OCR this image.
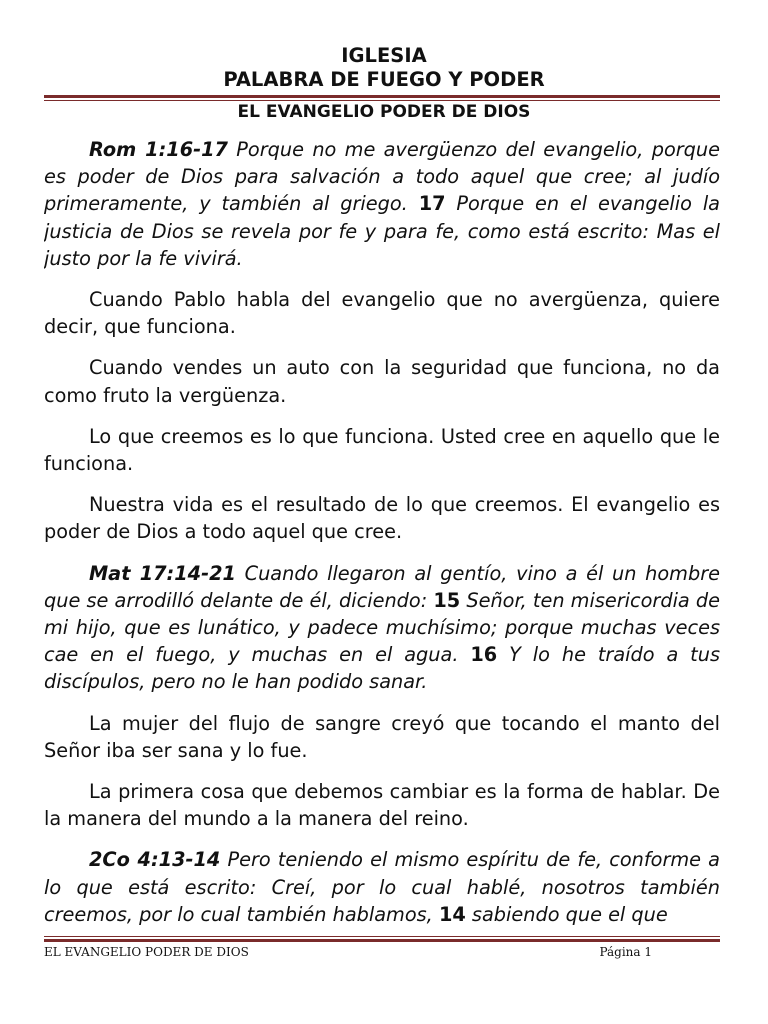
IGLESIA
PALABRA DE FUEGO Y PODER
EL EVANGELIO PODER DE DIOS

Rom 1:16-17 Porque no me avergüenzo del evangelio, porque es poder de Dios para salvación a todo aquel que cree; al judío primeramente, y también al griego. 17 Porque en el evangelio la justicia de Dios se revela por fe y para fe, como está escrito: Mas el justo por la fe vivirá.

Cuando Pablo habla del evangelio que no avergüenza, quiere decir, que funciona.

Cuando vendes un auto con la seguridad que funciona, no da como fruto la vergüenza.

Lo que creemos es lo que funciona. Usted cree en aquello que le funciona.

Nuestra vida es el resultado de lo que creemos. El evangelio es poder de Dios a todo aquel que cree.

Mat 17:14-21 Cuando llegaron al gentío, vino a él un hombre que se arrodilló delante de él, diciendo: 15 Señor, ten misericordia de mi hijo, que es lunático, y padece muchísimo; porque muchas veces cae en el fuego, y muchas en el agua. 16 Y lo he traído a tus discípulos, pero no le han podido sanar.

La mujer del flujo de sangre creyó que tocando el manto del Señor iba ser sana y lo fue.

La primera cosa que debemos cambiar es la forma de hablar. De la manera del mundo a la manera del reino.

2Co 4:13-14 Pero teniendo el mismo espíritu de fe, conforme a lo que está escrito: Creí, por lo cual hablé, nosotros también creemos, por lo cual también hablamos, 14 sabiendo que el que

EL EVANGELIO PODER DE DIOS	Página 1
